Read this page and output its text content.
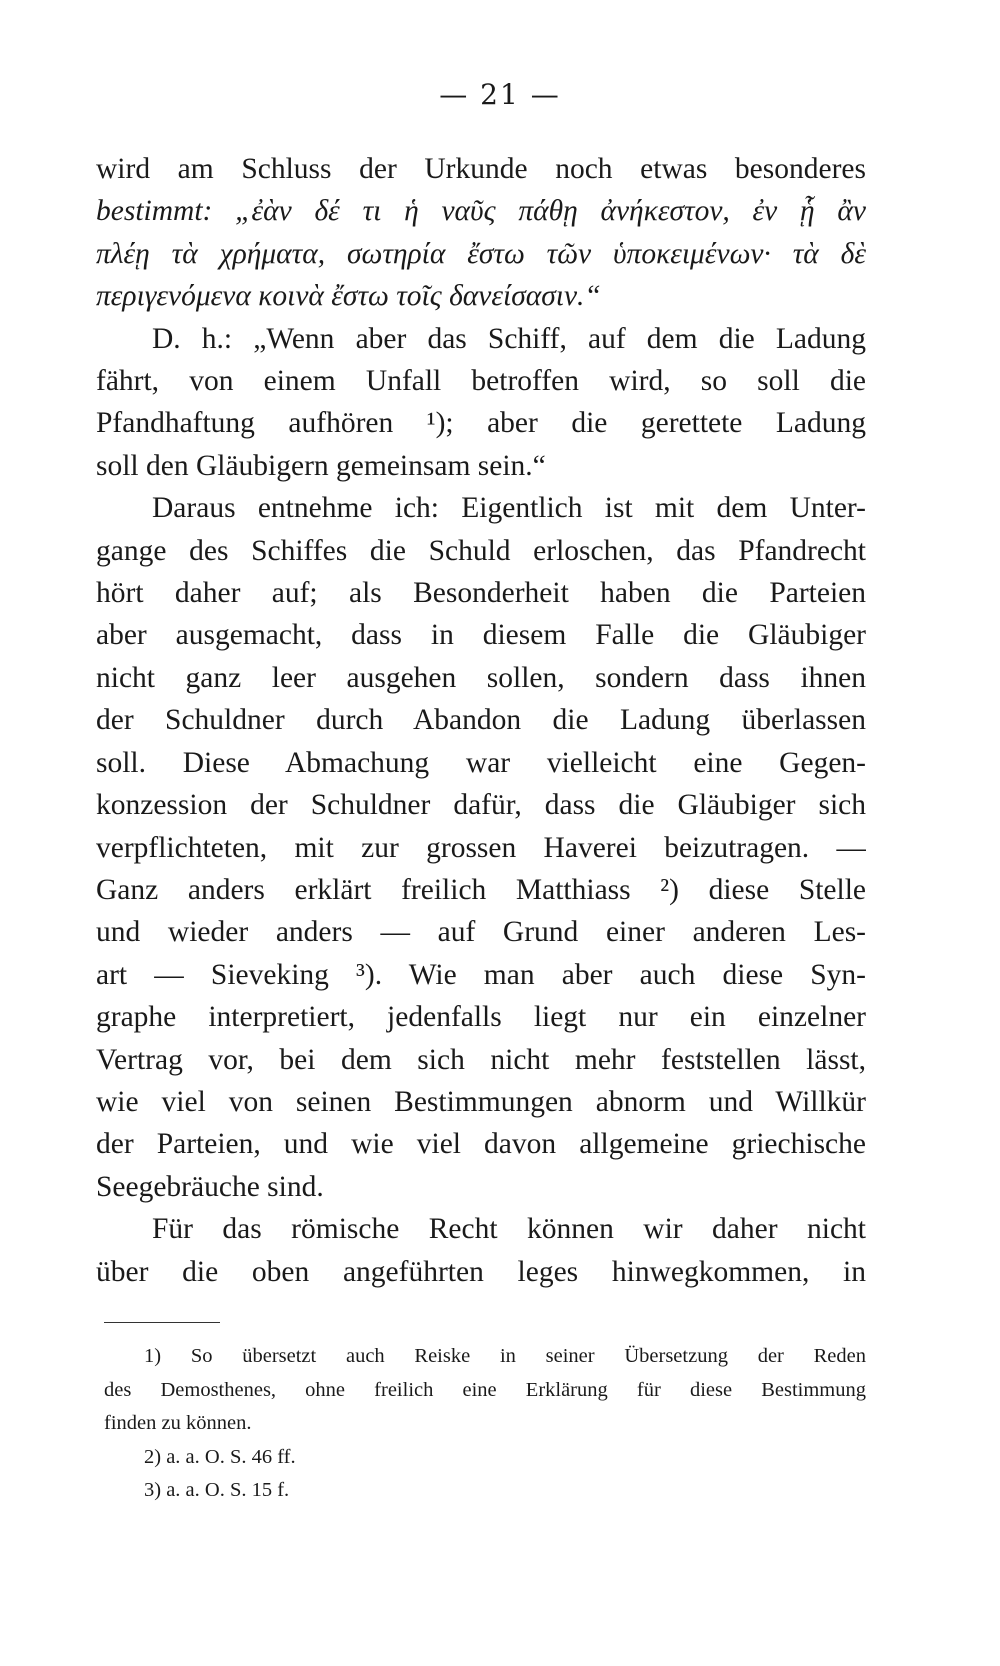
— 21 —
wird am Schluss der Urkunde noch etwas besonderes
bestimmt: „ἐὰν δέ τι ἡ ναῦς πάθῃ ἀνήκεστον, ἐν ᾗ ἂν
πλέῃ τὰ χρήματα, σωτηρία ἔστω τῶν ὑποκειμένων· τὰ δὲ
περιγενόμενα κοινὰ ἔστω τοῖς δανείσασιν.“
D. h.: „Wenn aber das Schiff, auf dem die Ladung
fährt, von einem Unfall betroffen wird, so soll die
Pfandhaftung aufhören ¹); aber die gerettete Ladung
soll den Gläubigern gemeinsam sein.“
Daraus entnehme ich: Eigentlich ist mit dem Unter-
gange des Schiffes die Schuld erloschen, das Pfandrecht
hört daher auf; als Besonderheit haben die Parteien
aber ausgemacht, dass in diesem Falle die Gläubiger
nicht ganz leer ausgehen sollen, sondern dass ihnen
der Schuldner durch Abandon die Ladung überlassen
soll. Diese Abmachung war vielleicht eine Gegen-
konzession der Schuldner dafür, dass die Gläubiger sich
verpflichteten, mit zur grossen Haverei beizutragen. —
Ganz anders erklärt freilich Matthiass ²) diese Stelle
und wieder anders — auf Grund einer anderen Les-
art — Sieveking ³). Wie man aber auch diese Syn-
graphe interpretiert, jedenfalls liegt nur ein einzelner
Vertrag vor, bei dem sich nicht mehr feststellen lässt,
wie viel von seinen Bestimmungen abnorm und Willkür
der Parteien, und wie viel davon allgemeine griechische
Seegebräuche sind.
Für das römische Recht können wir daher nicht
über die oben angeführten leges hinwegkommen, in
1) So übersetzt auch Reiske in seiner Übersetzung der Reden
des Demosthenes, ohne freilich eine Erklärung für diese Bestimmung
finden zu können.
2) a. a. O. S. 46 ff.
3) a. a. O. S. 15 f.
